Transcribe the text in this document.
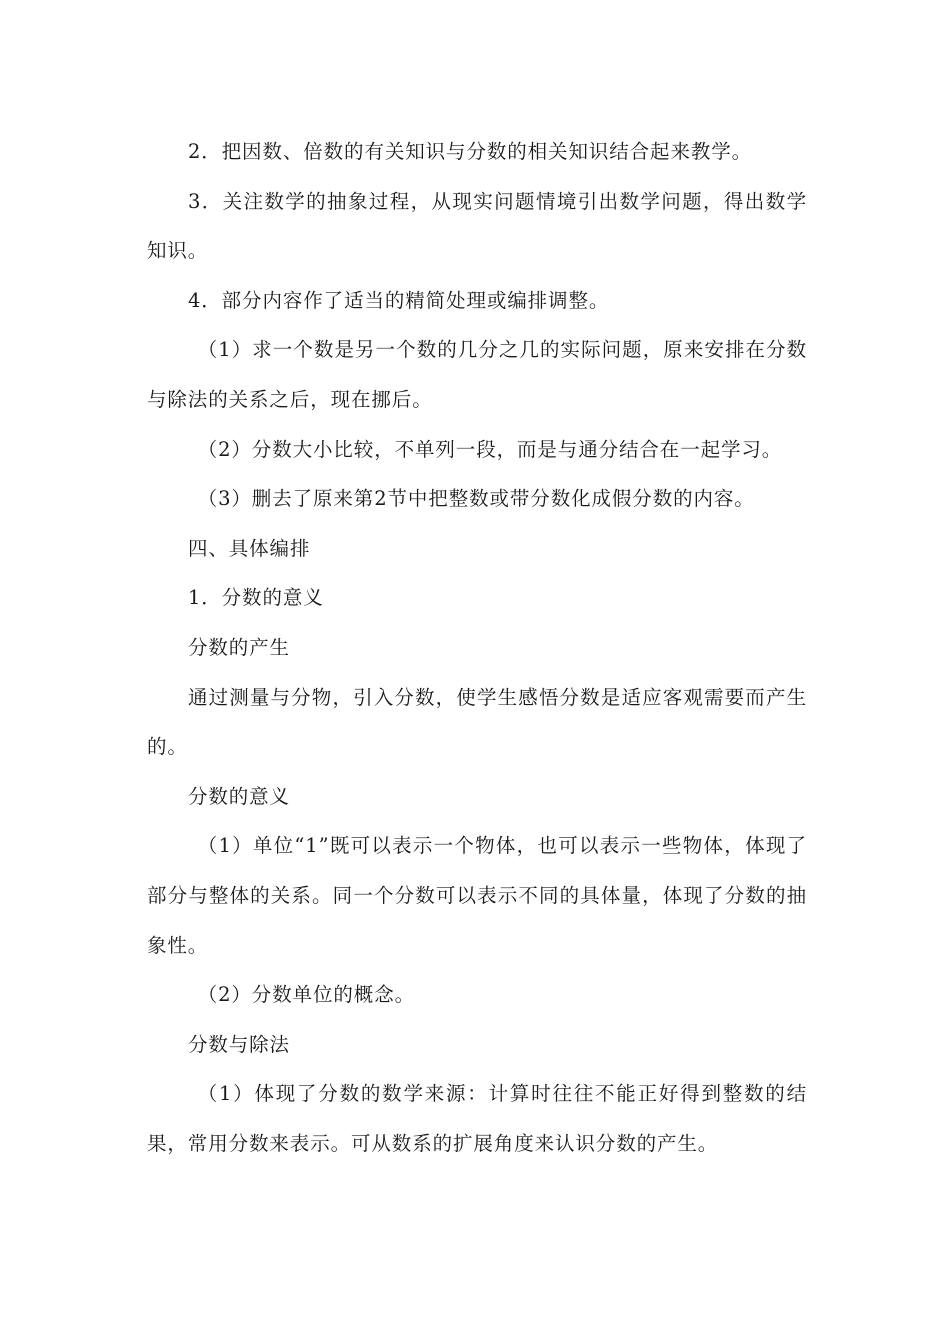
2．把因数、倍数的有关知识与分数的相关知识结合起来教学。

3．关注数学的抽象过程，从现实问题情境引出数学问题，得出数学知识。

4．部分内容作了适当的精简处理或编排调整。

（1）求一个数是另一个数的几分之几的实际问题，原来安排在分数与除法的关系之后，现在挪后。

（2）分数大小比较，不单列一段，而是与通分结合在一起学习。

（3）删去了原来第2节中把整数或带分数化成假分数的内容。

四、具体编排

1．分数的意义

分数的产生

通过测量与分物，引入分数，使学生感悟分数是适应客观需要而产生的。

分数的意义

（1）单位“1”既可以表示一个物体，也可以表示一些物体，体现了部分与整体的关系。同一个分数可以表示不同的具体量，体现了分数的抽象性。

（2）分数单位的概念。

分数与除法

（1）体现了分数的数学来源：计算时往往不能正好得到整数的结果，常用分数来表示。可从数系的扩展角度来认识分数的产生。
